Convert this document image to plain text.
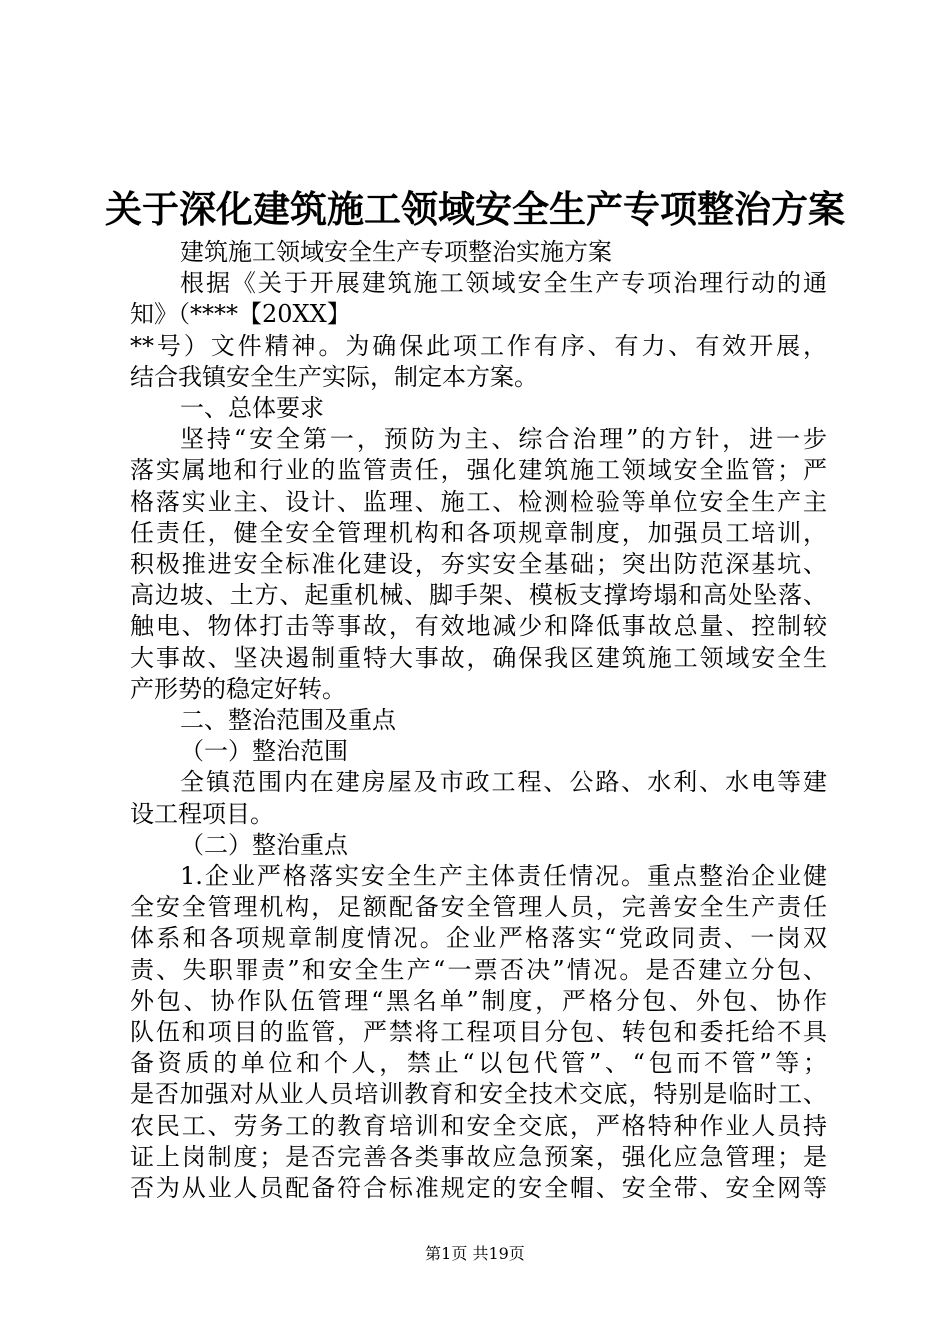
关于深化建筑施工领域安全生产专项整治方案
建筑施工领域安全生产专项整治实施方案
根据《关于开展建筑施工领域安全生产专项治理行动的通
知》（****【20XX】
**号）文件精神。为确保此项工作有序、有力、有效开展，
结合我镇安全生产实际，制定本方案。
一、总体要求
坚持“安全第一，预防为主、综合治理”的方针，进一步
落实属地和行业的监管责任，强化建筑施工领域安全监管；严
格落实业主、设计、监理、施工、检测检验等单位安全生产主
任责任，健全安全管理机构和各项规章制度，加强员工培训，
积极推进安全标准化建设，夯实安全基础；突出防范深基坑、
高边坡、土方、起重机械、脚手架、模板支撑垮塌和高处坠落、
触电、物体打击等事故，有效地减少和降低事故总量、控制较
大事故、坚决遏制重特大事故，确保我区建筑施工领域安全生
产形势的稳定好转。
二、整治范围及重点
（一）整治范围
全镇范围内在建房屋及市政工程、公路、水利、水电等建
设工程项目。
（二）整治重点
1.企业严格落实安全生产主体责任情况。重点整治企业健
全安全管理机构，足额配备安全管理人员，完善安全生产责任
体系和各项规章制度情况。企业严格落实“党政同责、一岗双
责、失职罪责”和安全生产“一票否决”情况。是否建立分包、
外包、协作队伍管理“黑名单”制度，严格分包、外包、协作
队伍和项目的监管，严禁将工程项目分包、转包和委托给不具
备资质的单位和个人，禁止“以包代管”、“包而不管”等；
是否加强对从业人员培训教育和安全技术交底，特别是临时工、
农民工、劳务工的教育培训和安全交底，严格特种作业人员持
证上岗制度；是否完善各类事故应急预案，强化应急管理；是
否为从业人员配备符合标准规定的安全帽、安全带、安全网等
第1页 共19页
